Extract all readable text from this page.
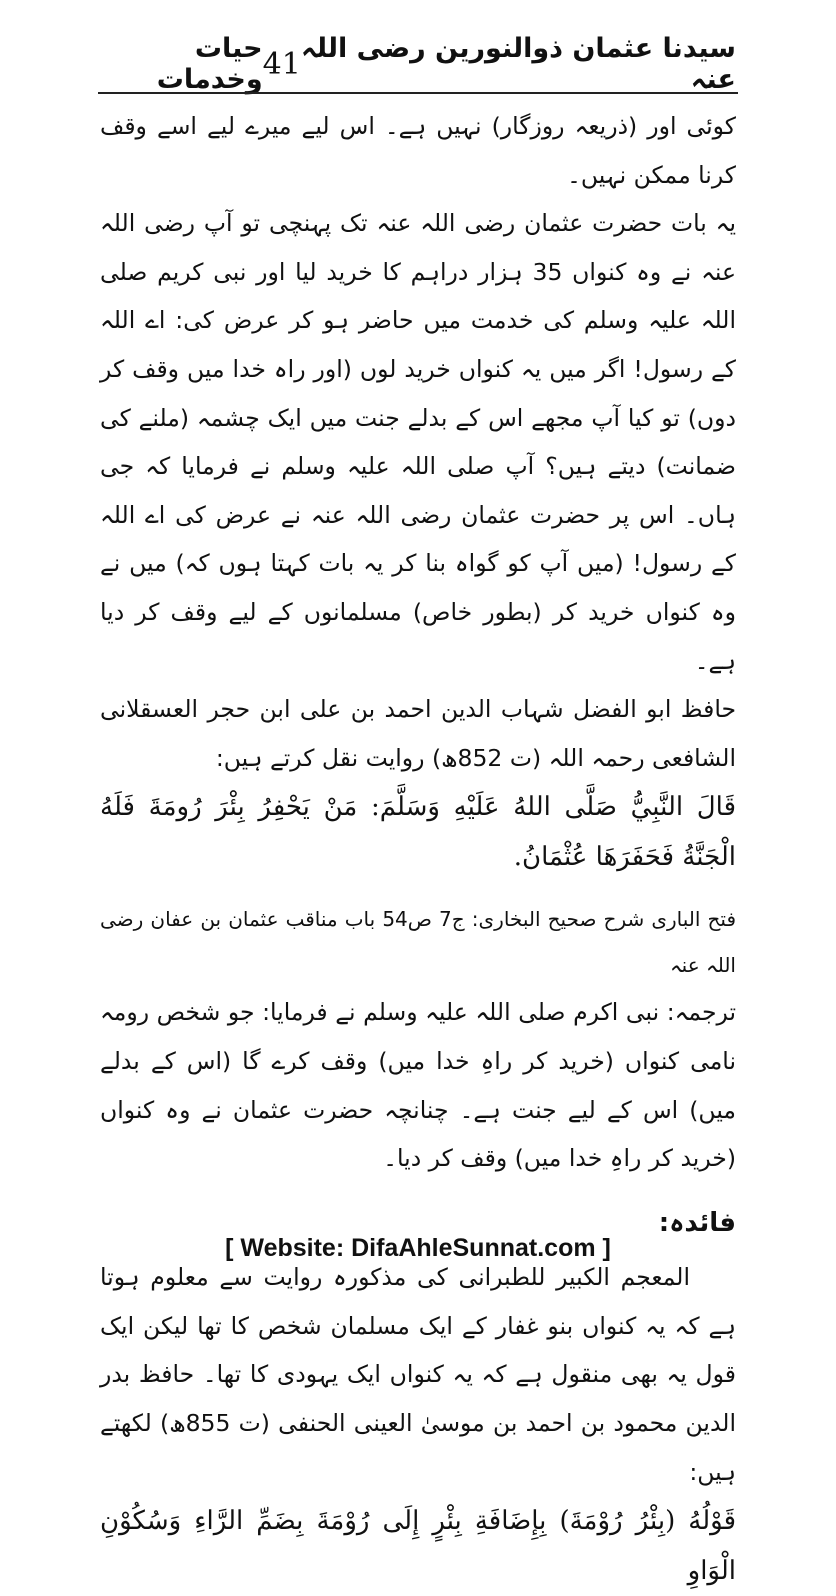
سیدنا عثمان ذوالنورین رضی اللہ عنہ
41
حیات وخدمات

کوئی اور (ذریعہ روزگار) نہیں ہے۔ اس لیے میرے لیے اسے وقف کرنا ممکن نہیں۔

یہ بات حضرت عثمان رضی اللہ عنہ تک پہنچی تو آپ رضی اللہ عنہ نے وہ کنواں 35 ہزار دراہم کا خرید لیا اور نبی کریم صلی اللہ علیہ وسلم کی خدمت میں حاضر ہو کر عرض کی: اے اللہ کے رسول! اگر میں یہ کنواں خرید لوں (اور راہ خدا میں وقف کر دوں) تو کیا آپ مجھے اس کے بدلے جنت میں ایک چشمہ (ملنے کی ضمانت) دیتے ہیں؟ آپ صلی اللہ علیہ وسلم نے فرمایا کہ جی ہاں۔ اس پر حضرت عثمان رضی اللہ عنہ نے عرض کی اے اللہ کے رسول! (میں آپ کو گواہ بنا کر یہ بات کہتا ہوں کہ) میں نے وہ کنواں خرید کر (بطور خاص) مسلمانوں کے لیے وقف کر دیا ہے۔

حافظ ابو الفضل شہاب الدین احمد بن علی ابن حجر العسقلانی الشافعی رحمہ اللہ (ت 852ھ) روایت نقل کرتے ہیں:

قَالَ النَّبِيُّ صَلَّى اللهُ عَلَيْهِ وَسَلَّمَ: مَنْ يَحْفِرُ بِئْرَ رُومَةَ فَلَهُ الْجَنَّةُ فَحَفَرَهَا عُثْمَانُ.

فتح الباری شرح صحیح البخاری: ج7 ص54 باب مناقب عثمان بن عفان رضی اللہ عنہ

ترجمہ: نبی اکرم صلی اللہ علیہ وسلم نے فرمایا: جو شخص رومہ نامی کنواں (خرید کر راہِ خدا میں) وقف کرے گا (اس کے بدلے میں) اس کے لیے جنت ہے۔ چنانچہ حضرت عثمان نے وہ کنواں (خرید کر راہِ خدا میں) وقف کر دیا۔

فائدہ:

المعجم الکبیر للطبرانی کی مذکورہ روایت سے معلوم ہوتا ہے کہ یہ کنواں بنو غفار کے ایک مسلمان شخص کا تھا لیکن ایک قول یہ بھی منقول ہے کہ یہ کنواں ایک یہودی کا تھا۔ حافظ بدر الدین محمود بن احمد بن موسیٰ العینی الحنفی (ت 855ھ) لکھتے ہیں:

قَوْلُهُ (بِئْرُ رُوْمَةَ) بِإِضَافَةِ بِئْرٍ إِلَى رُوْمَةَ بِضَمِّ الرَّاءِ وَسُكُوْنِ الْوَاوِ

[ Website: DifaAhleSunnat.com ]
